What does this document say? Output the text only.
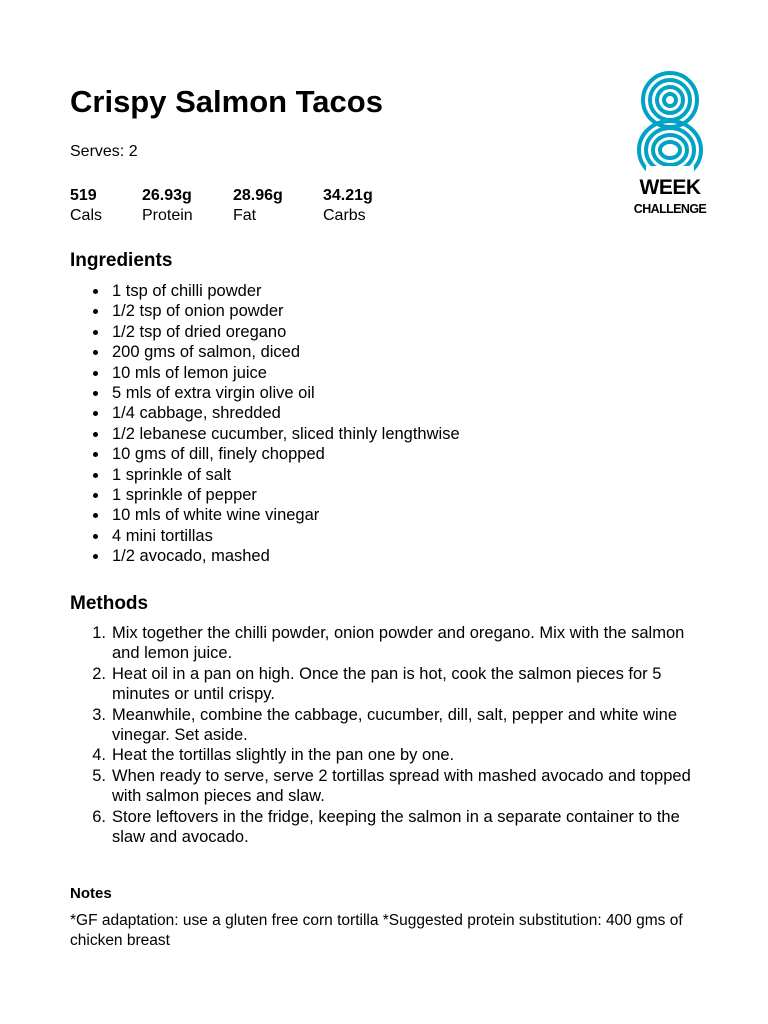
WEEK
CHALLENGE
Crispy Salmon Tacos

Serves: 2

519
Cals
26.93g
Protein
28.96g
Fat
34.21g
Carbs
Ingredients
1 tsp of chilli powder
1/2 tsp of onion powder
1/2 tsp of dried oregano
200 gms of salmon, diced
10 mls of lemon juice
5 mls of extra virgin olive oil
1/4 cabbage, shredded
1/2 lebanese cucumber, sliced thinly lengthwise
10 gms of dill, finely chopped
1 sprinkle of salt
1 sprinkle of pepper
10 mls of white wine vinegar
4 mini tortillas
1/2 avocado, mashed
Methods
1. Mix together the chilli powder, onion powder and oregano. Mix with the salmon and lemon juice.
2. Heat oil in a pan on high. Once the pan is hot, cook the salmon pieces for 5 minutes or until crispy.
3. Meanwhile, combine the cabbage, cucumber, dill, salt, pepper and white wine vinegar. Set aside.
4. Heat the tortillas slightly in the pan one by one.
5. When ready to serve, serve 2 tortillas spread with mashed avocado and topped with salmon pieces and slaw.
6. Store leftovers in the fridge, keeping the salmon in a separate container to the slaw and avocado.
Notes

*GF adaptation: use a gluten free corn tortilla *Suggested protein substitution: 400 gms of chicken breast
